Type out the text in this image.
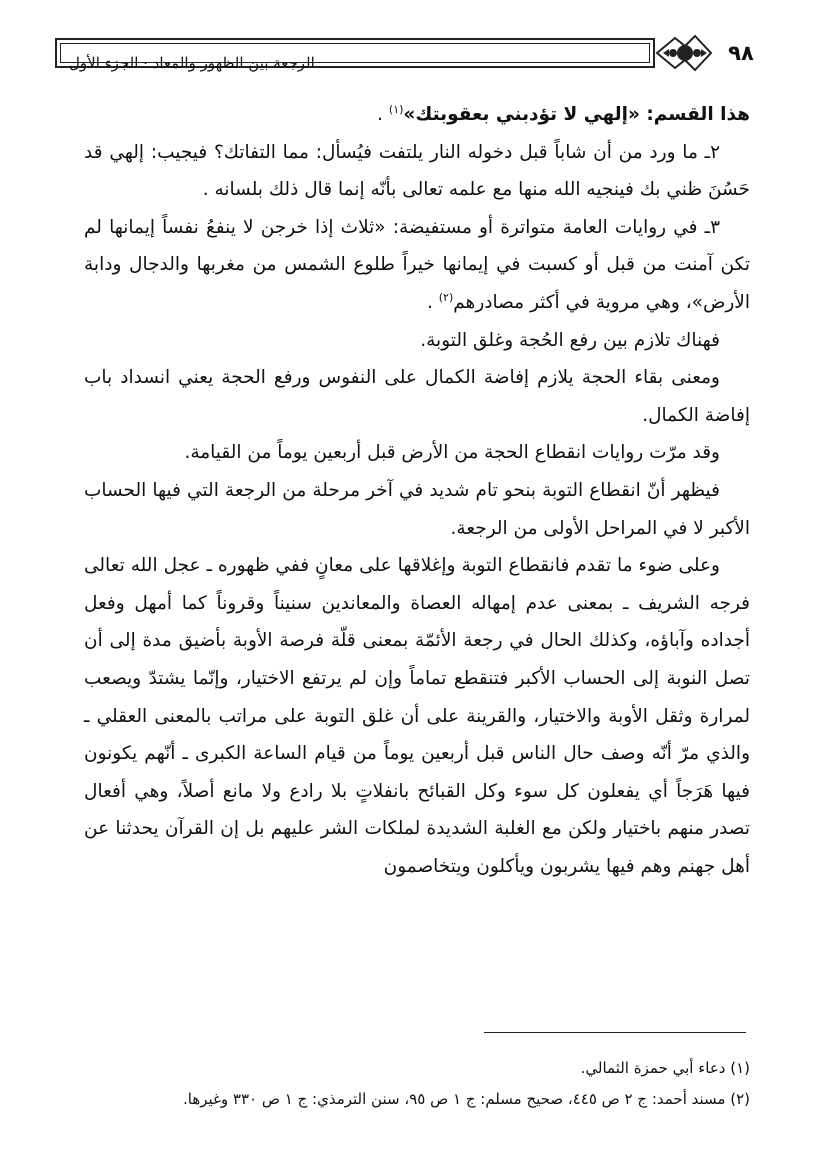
الرجعة بين الظهور والمعاد · الجزء الأول	٩٨

هذا القسم: «إلهي لا تؤدبني بعقوبتك»$^{(١)}$ .

٢ـ ما ورد من أن شاباً قبل دخوله النار يلتفت فيُسأل: مما التفاتك؟ فيجيب: إلهي قد حَسُنَ ظني بك فينجيه الله منها مع علمه تعالى بأنّه إنما قال ذلك بلسانه .

٣ـ في روايات العامة متواترة أو مستفيضة: «ثلاث إذا خرجن لا ينفعُ نفساً إيمانها لم تكن آمنت من قبل أو كسبت في إيمانها خيراً طلوع الشمس من مغربها والدجال ودابة الأرض»، وهي مروية في أكثر مصادرهم$^{(٢)}$ .

فهناك تلازم بين رفع الحُجة وغلق التوبة.

ومعنى بقاء الحجة يلازم إفاضة الكمال على النفوس ورفع الحجة يعني انسداد باب إفاضة الكمال.

وقد مرّت روايات انقطاع الحجة من الأرض قبل أربعين يوماً من القيامة.

فيظهر أنّ انقطاع التوبة بنحو تام شديد في آخر مرحلة من الرجعة التي فيها الحساب الأكبر لا في المراحل الأولى من الرجعة.

وعلى ضوء ما تقدم فانقطاع التوبة وإغلاقها على معانٍ ففي ظهوره ـ عجل الله تعالى فرجه الشريف ـ بمعنى عدم إمهاله العصاة والمعاندين سنيناً وقروناً كما أمهل وفعل أجداده وآباؤه، وكذلك الحال في رجعة الأئمّة بمعنى قلّة فرصة الأوبة بأضيق مدة إلى أن تصل النوبة إلى الحساب الأكبر فتنقطع تماماً وإن لم يرتفع الاختيار، وإنّما يشتدّ ويصعب لمرارة وثقل الأوبة والاختيار، والقرينة على أن غلق التوبة على مراتب بالمعنى العقلي ـ والذي مرّ أنّه وصف حال الناس قبل أربعين يوماً من قيام الساعة الكبرى ـ أنّهم يكونون فيها هَرَجاً أي يفعلون كل سوء وكل القبائح بانفلاتٍ بلا رادع ولا مانع أصلاً، وهي أفعال تصدر منهم باختيار ولكن مع الغلبة الشديدة لملكات الشر عليهم بل إن القرآن يحدثنا عن أهل جهنم وهم فيها يشربون ويأكلون ويتخاصمون

(١) دعاء أبي حمزة الثمالي.

(٢) مسند أحمد: ج ٢ ص ٤٤٥، صحيح مسلم: ج ١ ص ٩٥، سنن الترمذي: ج ١ ص ٣٣٠ وغيرها.
